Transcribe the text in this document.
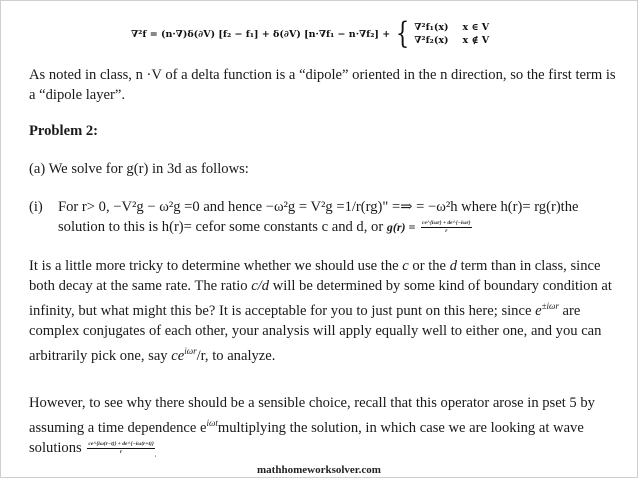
∇²f = (n·∇)δ(∂V) [f₂ − f₁] + δ(∂V) [n·∇f₁ − n·∇f₂] + { ∇²f₁(x) x ∈ V
∇²f₂(x) x ∉ V

As noted in class, n ·V of a delta function is a “dipole” oriented in the n direction, so the first term is a “dipole layer”.

Problem 2:

(a) We solve for g(r) in 3d as follows:

(i)	For r> 0, −V²g − ω²g =0 and hence −ω²g = V²g =1/r(rg)" =⇒ = −ω²h where h(r)= rg(r)the solution to this is h(r)= cefor some constants c and d, or $g(r) = \frac{\text{ce\textasciicircum{}\{iωr\} + de\textasciicircum{}\{−iωr\}}}{r}$

It is a little more tricky to determine whether we should use the c or the d term than in class, since both decay at the same rate. The ratio c/d will be determined by some kind of boundary condition at infinity, but what might this be? It is acceptable for you to just punt on this here; since $e^{\pm i\omega r}$ are complex conjugates of each other, your analysis will apply equally well to either one, and you can arbitrarily pick one, say $ce^{i\omega r}/r$, to analyze.

However, to see why there should be a sensible choice, recall that this operator arose in pset 5 by assuming a time dependence $e^{i\omega t}multiplying$ the solution, in which case we are looking at wave solutions $\frac{ce\^{}\{i\omega(r-t)\} + de\^{}\{-i\omega(r+t)\}}{r} _,$

mathhomeworksolver.com
